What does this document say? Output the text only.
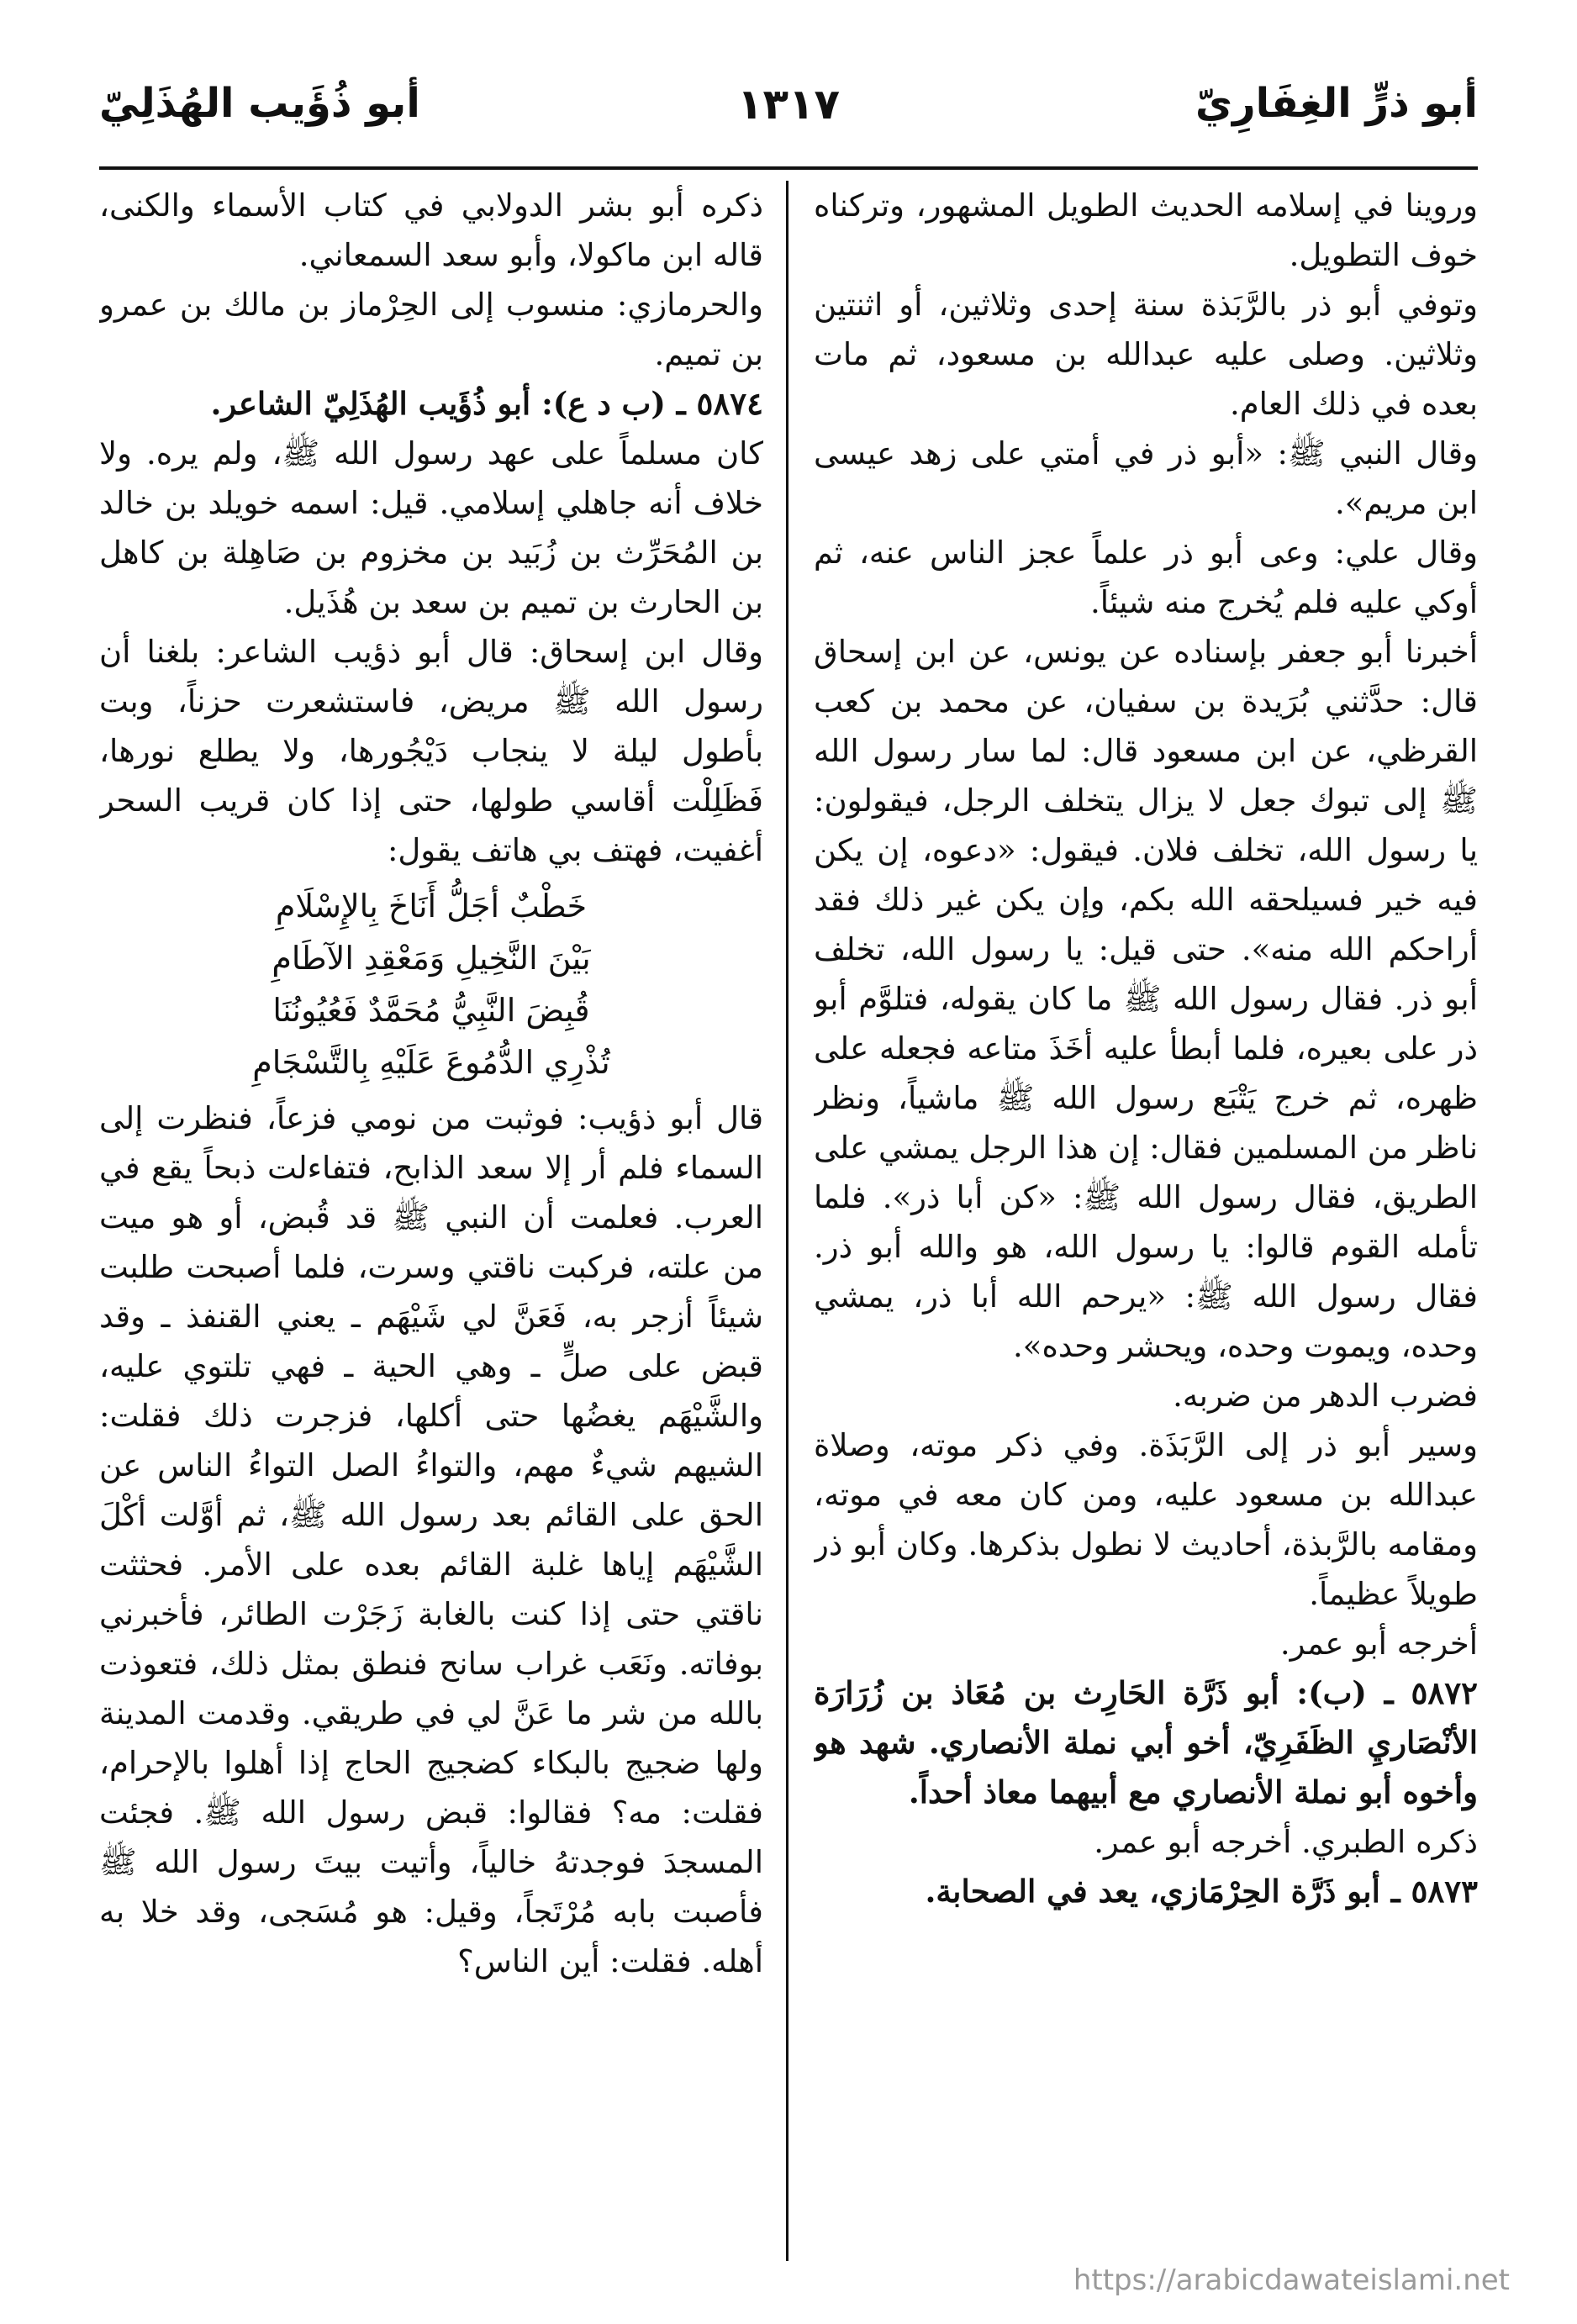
أبو ذرٍّ الغِفَارِيّ
١٣١٧
أبو ذُؤَيب الهُذَلِيّ

وروينا في إسلامه الحديث الطويل المشهور، وتركناه خوف التطويل.

وتوفي أبو ذر بالرَّبَذة سنة إحدى وثلاثين، أو اثنتين وثلاثين. وصلى عليه عبدالله بن مسعود، ثم مات بعده في ذلك العام.

وقال النبي ﷺ: «أبو ذر في أمتي على زهد عيسى ابن مريم».

وقال علي: وعى أبو ذر علماً عجز الناس عنه، ثم أوكي عليه فلم يُخرج منه شيئاً.

أخبرنا أبو جعفر بإسناده عن يونس، عن ابن إسحاق قال: حدَّثني بُرَيدة بن سفيان، عن محمد بن كعب القرظي، عن ابن مسعود قال: لما سار رسول الله ﷺ إلى تبوك جعل لا يزال يتخلف الرجل، فيقولون: يا رسول الله، تخلف فلان. فيقول: «دعوه، إن يكن فيه خير فسيلحقه الله بكم، وإن يكن غير ذلك فقد أراحكم الله منه». حتى قيل: يا رسول الله، تخلف أبو ذر. فقال رسول الله ﷺ ما كان يقوله، فتلوَّم أبو ذر على بعيره، فلما أبطأ عليه أخَذَ متاعه فجعله على ظهره، ثم خرج يَتْبَع رسول الله ﷺ ماشياً، ونظر ناظر من المسلمين فقال: إن هذا الرجل يمشي على الطريق، فقال رسول الله ﷺ: «كن أبا ذر». فلما تأمله القوم قالوا: يا رسول الله، هو والله أبو ذر. فقال رسول الله ﷺ: «يرحم الله أبا ذر، يمشي وحده، ويموت وحده، ويحشر وحده».

فضرب الدهر من ضربه.

وسير أبو ذر إلى الرَّبَذَة. وفي ذكر موته، وصلاة عبدالله بن مسعود عليه، ومن كان معه في موته، ومقامه بالرَّبذة، أحاديث لا نطول بذكرها. وكان أبو ذر طويلاً عظيماً.

أخرجه أبو عمر.

٥٨٧٢ ـ (ب): أبو ذَرَّة الحَارِث بن مُعَاذ بن زُرَارَة الأنْصَاريِ الظَفَرِيّ، أخو أبي نملة الأنصاري. شهد هو وأخوه أبو نملة الأنصاري مع أبيهما معاذ أحداً.

ذكره الطبري. أخرجه أبو عمر.

٥٨٧٣ ـ أبو ذَرَّة الحِرْمَازي، يعد في الصحابة.

ذكره أبو بشر الدولابي في كتاب الأسماء والكنى، قاله ابن ماكولا، وأبو سعد السمعاني.

والحرمازي: منسوب إلى الحِرْماز بن مالك بن عمرو بن تميم.

٥٨٧٤ ـ (ب د ع): أبو ذُؤَيب الهُذَلِيّ الشاعر.

كان مسلماً على عهد رسول الله ﷺ، ولم يره. ولا خلاف أنه جاهلي إسلامي. قيل: اسمه خويلد بن خالد بن المُحَرِّث بن زُبَيد بن مخزوم بن صَاهِلة بن كاهل بن الحارث بن تميم بن سعد بن هُذَيل.

وقال ابن إسحاق: قال أبو ذؤيب الشاعر: بلغنا أن رسول الله ﷺ مريض، فاستشعرت حزناً، وبت بأطول ليلة لا ينجاب دَيْجُورها، ولا يطلع نورها، فَظَلِلْت أقاسي طولها، حتى إذا كان قريب السحر أغفيت، فهتف بي هاتف يقول:

خَطْبٌ أجَلُّ أَنَاخَ بِالإِسْلَامِ
بَيْنَ النَّخِيلِ وَمَعْقِدِ الآطَامِ
قُبِضَ النَّبِيُّ مُحَمَّدٌ فَعُيُونُنَا
تُذْرِي الدُّمُوعَ عَلَيْهِ بِالتَّسْجَامِ

قال أبو ذؤيب: فوثبت من نومي فزعاً، فنظرت إلى السماء فلم أر إلا سعد الذابح، فتفاءلت ذبحاً يقع في العرب. فعلمت أن النبي ﷺ قد قُبض، أو هو ميت من علته، فركبت ناقتي وسرت، فلما أصبحت طلبت شيئاً أزجر به، فَعَنَّ لي شَيْهَم ـ يعني القنفذ ـ وقد قبض على صلٍّ ـ وهي الحية ـ فهي تلتوي عليه، والشَّيْهَم يغضُها حتى أكلها، فزجرت ذلك فقلت: الشيهم شيءٌ مهم، والتواءُ الصل التواءُ الناس عن الحق على القائم بعد رسول الله ﷺ، ثم أوَّلت أكْلَ الشَّيْهَم إياها غلبة القائم بعده على الأمر. فحثثت ناقتي حتى إذا كنت بالغابة زَجَرْت الطائر، فأخبرني بوفاته. ونَعَب غراب سانح فنطق بمثل ذلك، فتعوذت بالله من شر ما عَنَّ لي في طريقي. وقدمت المدينة ولها ضجيج بالبكاء كضجيج الحاج إذا أهلوا بالإحرام، فقلت: مه؟ فقالوا: قبض رسول الله ﷺ. فجئت المسجدَ فوجدتهُ خالياً، وأتيت بيتَ رسول الله ﷺ فأصبت بابه مُرْتَجاً، وقيل: هو مُسَجى، وقد خلا به أهله. فقلت: أين الناس؟

https://arabicdawateislami.net
